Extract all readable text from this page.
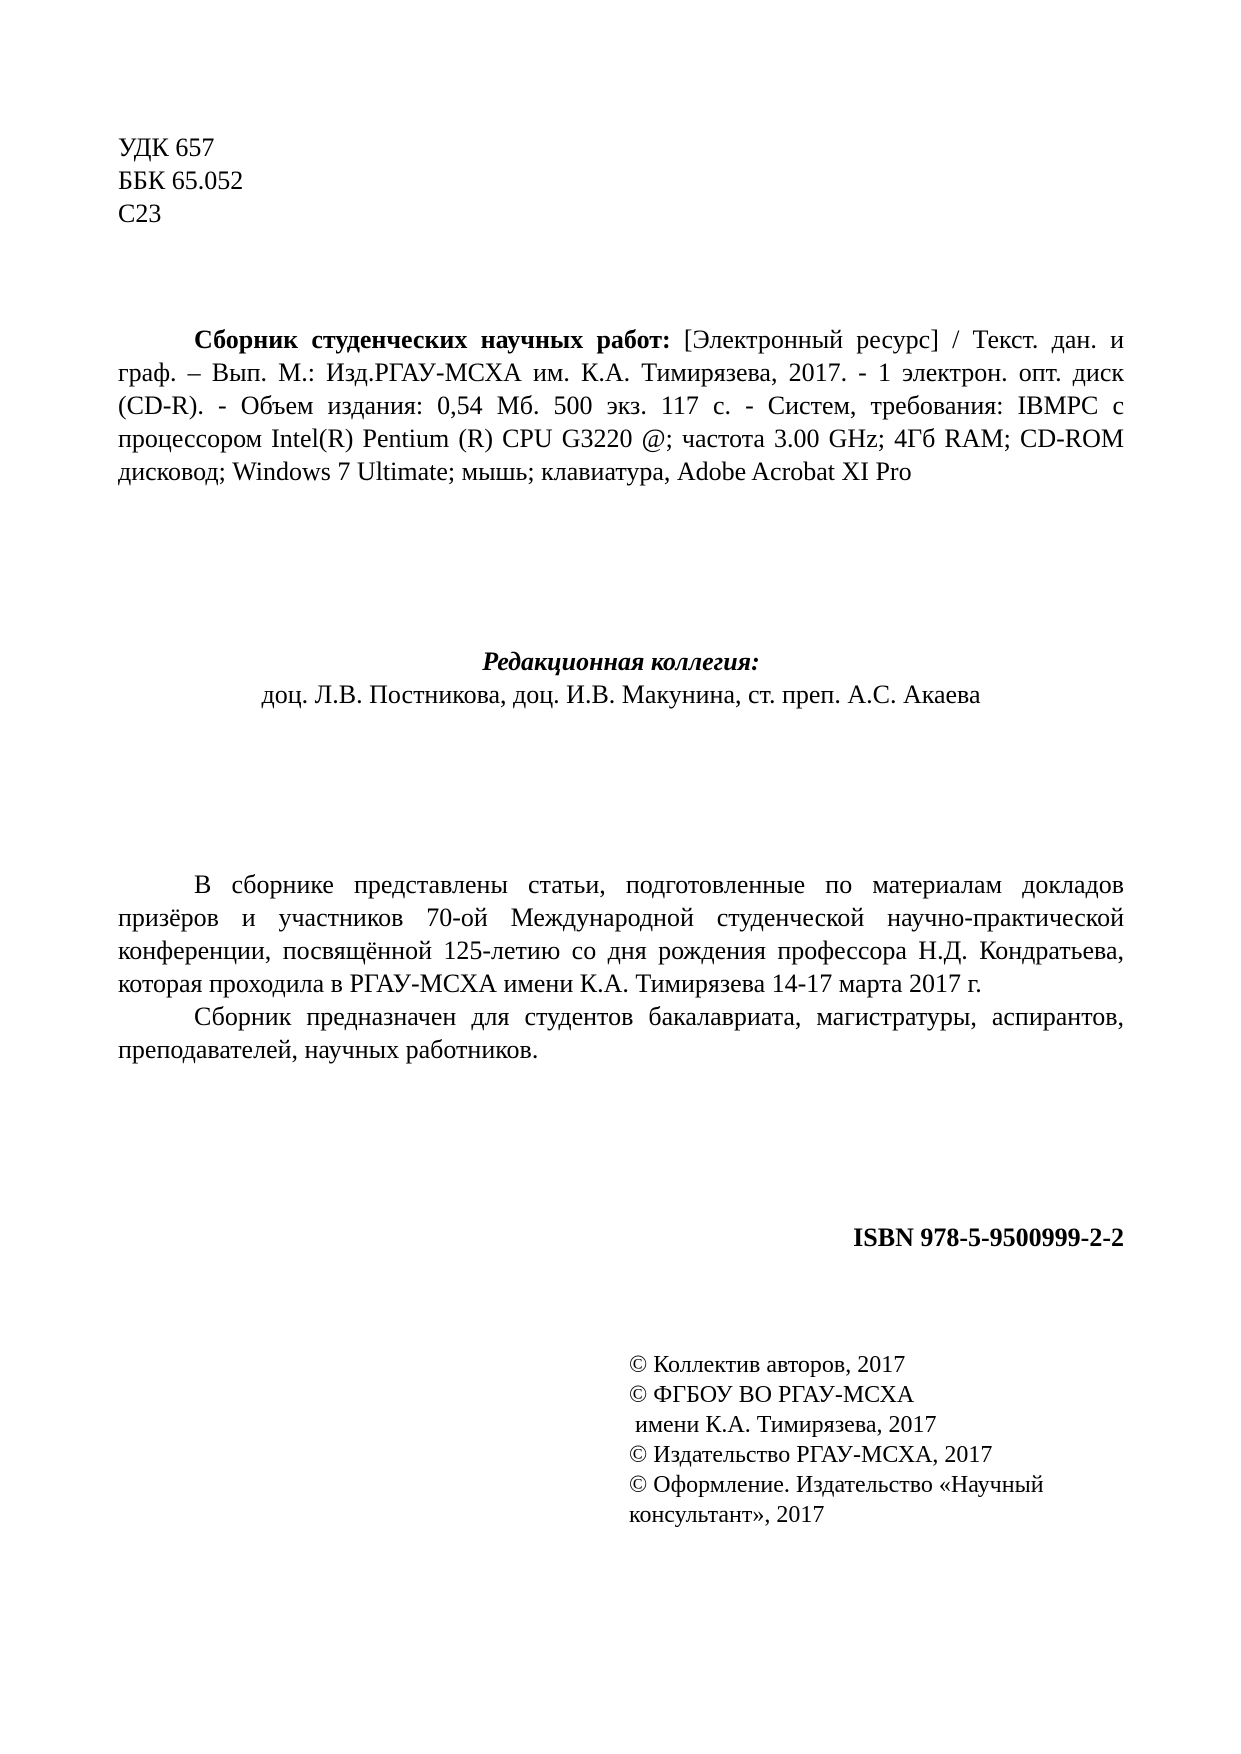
УДК 657
ББК 65.052
С23
Сборник студенческих научных работ: [Электронный ресурс] / Текст. дан. и граф. – Вып. М.: Изд.РГАУ-МСХА им. К.А. Тимирязева, 2017. - 1 электрон. опт. диск (CD-R). - Объем издания: 0,54 Мб. 500 экз. 117 с. - Систем, требования: IBMPC с процессором Intel(R) Pentium (R) CPU G3220 @; частота 3.00 GHz; 4Гб RAM; CD-ROM дисковод; Windows 7 Ultimate; мышь; клавиатура, Adobe Acrobat XI Pro
Редакционная коллегия:
доц. Л.В. Постникова, доц. И.В. Макунина, ст. преп. А.С. Акаева

В сборнике представлены статьи, подготовленные по материалам докладов призёров и участников 70-ой Международной студенческой научно-практической конференции, посвящённой 125-летию со дня рождения профессора Н.Д. Кондратьева, которая проходила в РГАУ-МСХА имени К.А. Тимирязева 14-17 марта 2017 г.

Сборник предназначен для студентов бакалавриата, магистратуры, аспирантов, преподавателей, научных работников.

ISBN 978-5-9500999-2-2
© Коллектив авторов, 2017
© ФГБОУ ВО РГАУ-МСХА
имени К.А. Тимирязева, 2017
© Издательство РГАУ-МСХА, 2017
© Оформление. Издательство «Научный
консультант», 2017
